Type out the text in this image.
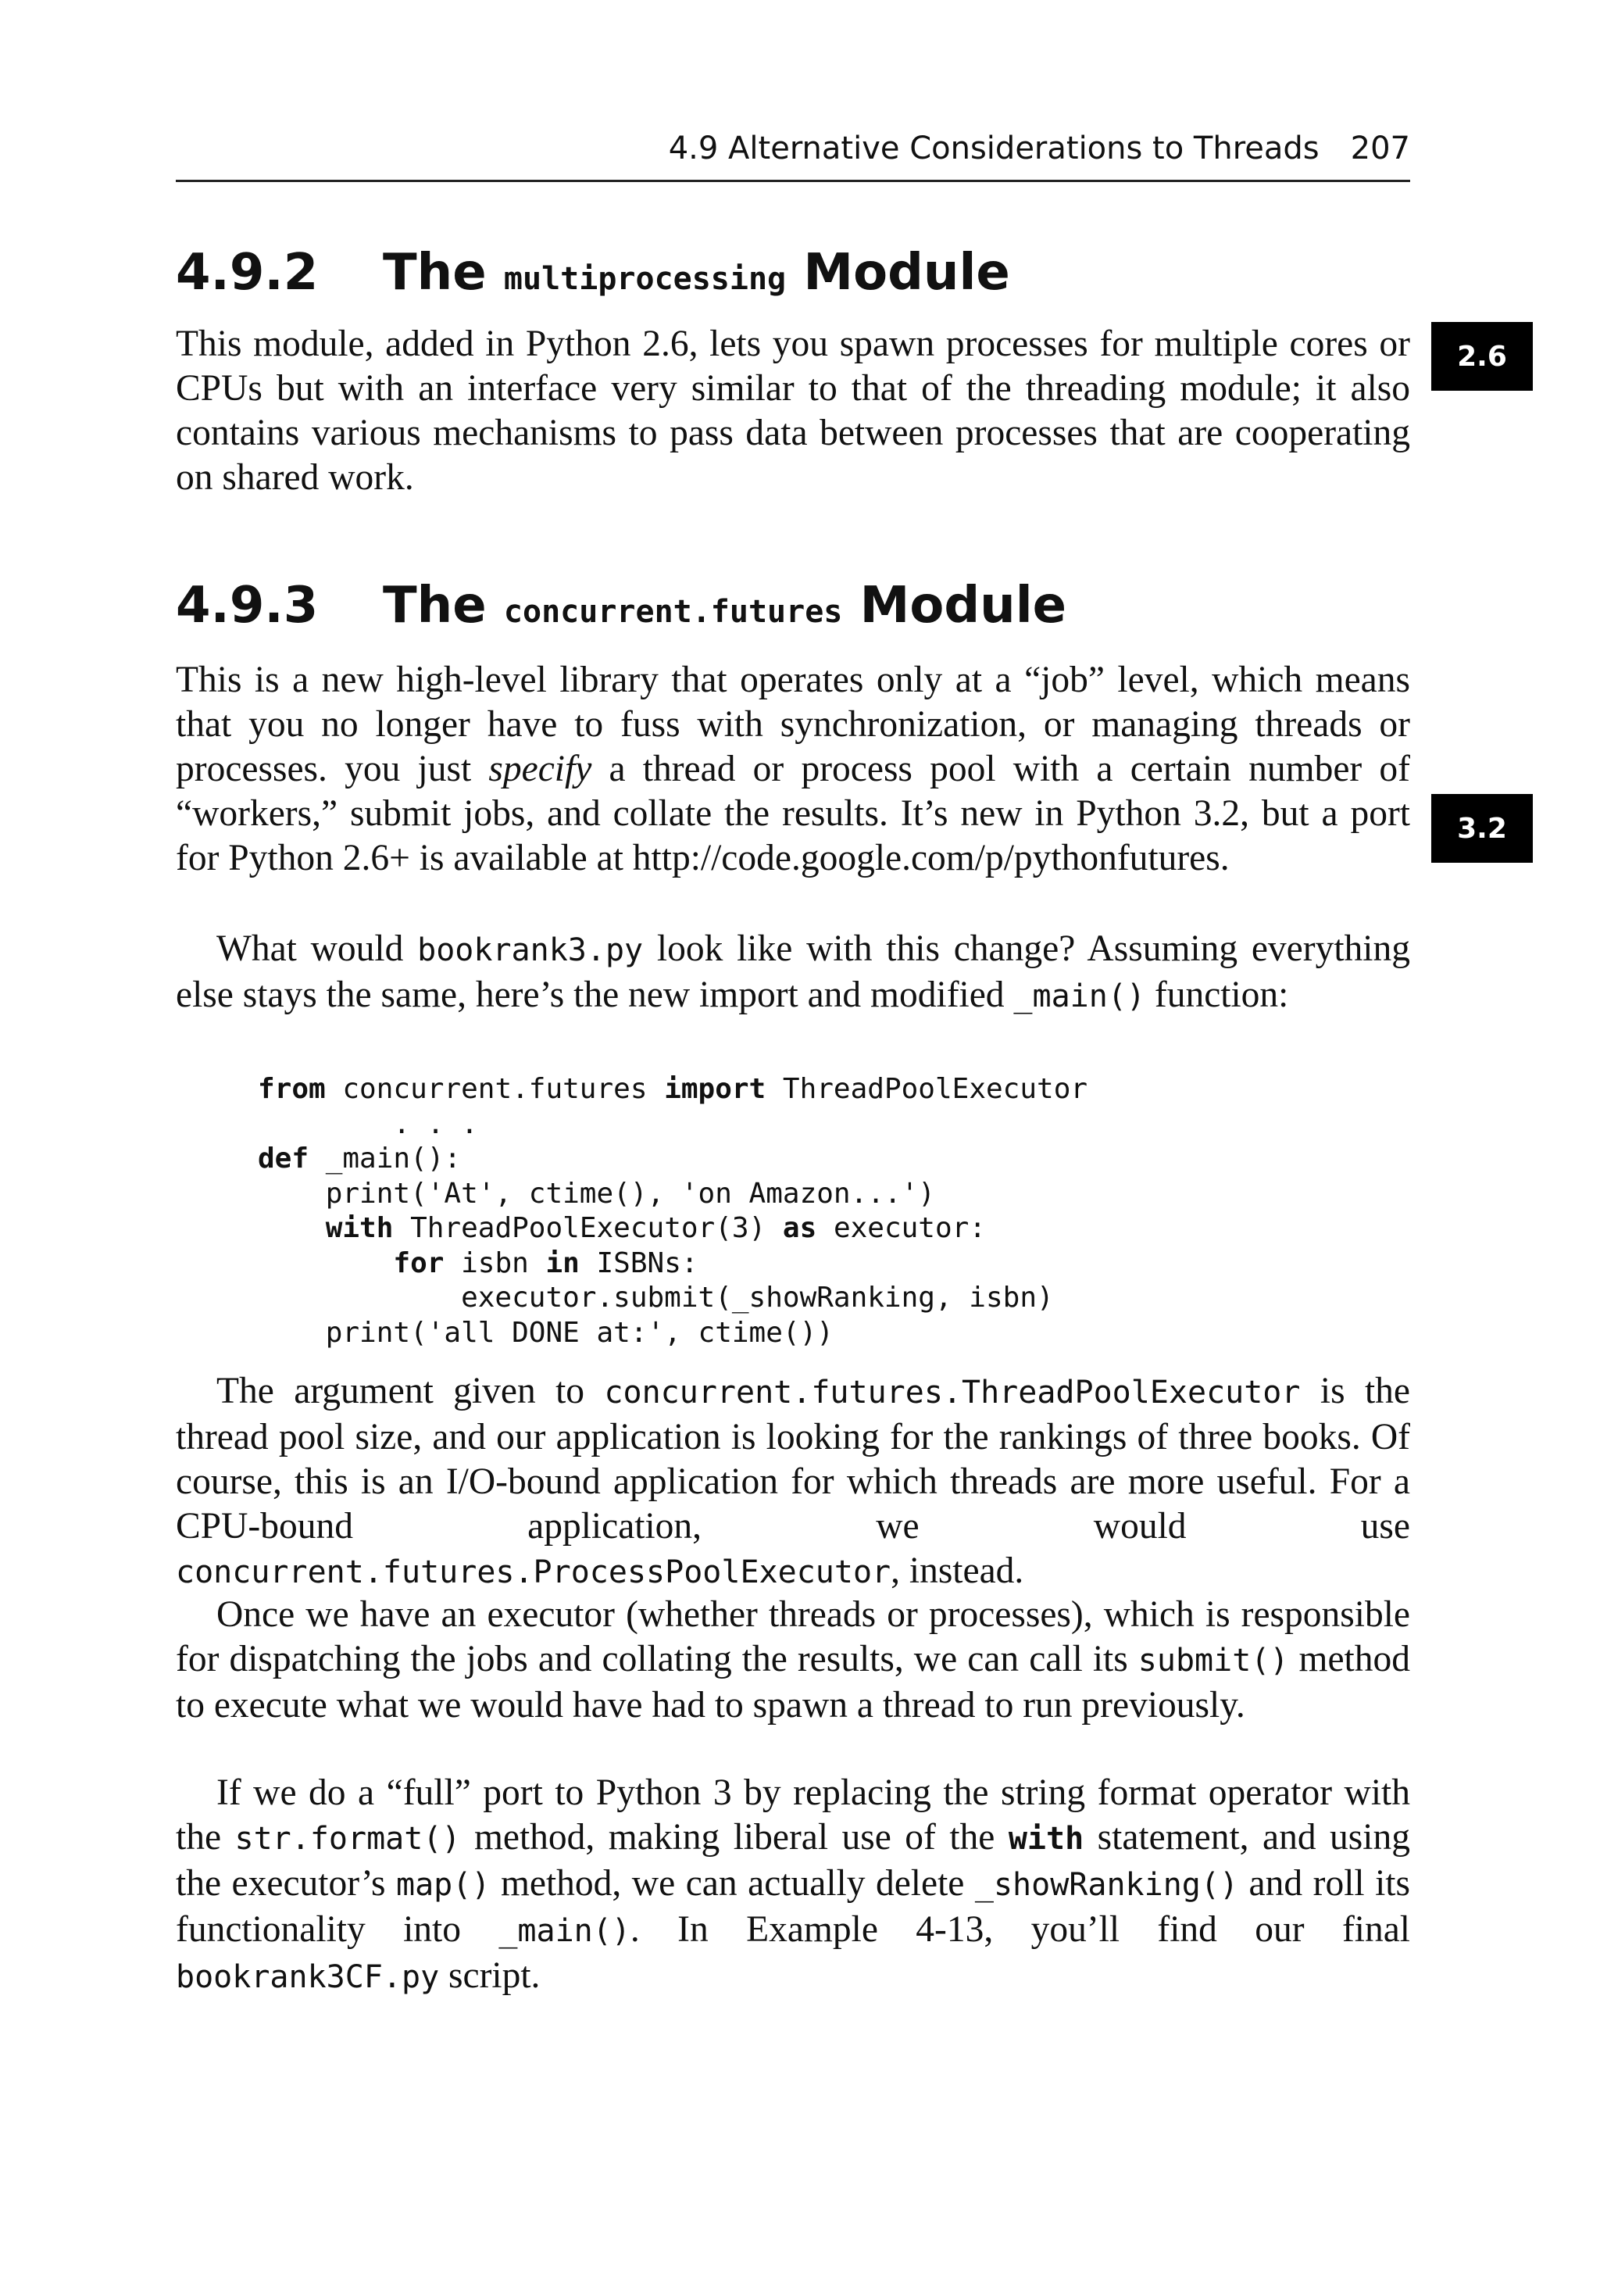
2.6
3.2
4.9 Alternative Considerations to Threads 207
4.9.2 The multiprocessing Module

This module, added in Python 2.6, lets you spawn processes for multiple cores or CPUs but with an interface very similar to that of the threading module; it also contains various mechanisms to pass data between processes that are cooperating on shared work.

4.9.3 The concurrent.futures Module

This is a new high-level library that operates only at a “job” level, which means that you no longer have to fuss with synchronization, or managing threads or processes. you just specify a thread or process pool with a certain number of “workers,” submit jobs, and collate the results. It’s new in Python 3.2, but a port for Python 2.6+ is available at http://code.google.com/p/pythonfutures.

What would bookrank3.py look like with this change? Assuming everything else stays the same, here’s the new import and modified _main() function:

from concurrent.futures import ThreadPoolExecutor
. . .
def _main():
print('At', ctime(), 'on Amazon...')
with ThreadPoolExecutor(3) as executor:
for isbn in ISBNs:
executor.submit(_showRanking, isbn)
print('all DONE at:', ctime())

The argument given to concurrent.futures.ThreadPoolExecutor is the thread pool size, and our application is looking for the rankings of three books. Of course, this is an I/O-bound application for which threads are more useful. For a CPU-bound application, we would use concurrent.futures.ProcessPoolExecutor, instead.

Once we have an executor (whether threads or processes), which is responsible for dispatching the jobs and collating the results, we can call its submit() method to execute what we would have had to spawn a thread to run previously.

If we do a “full” port to Python 3 by replacing the string format operator with the str.format() method, making liberal use of the with statement, and using the executor’s map() method, we can actually delete _showRanking() and roll its functionality into _main(). In Example 4-13, you’ll find our final bookrank3CF.py script.
